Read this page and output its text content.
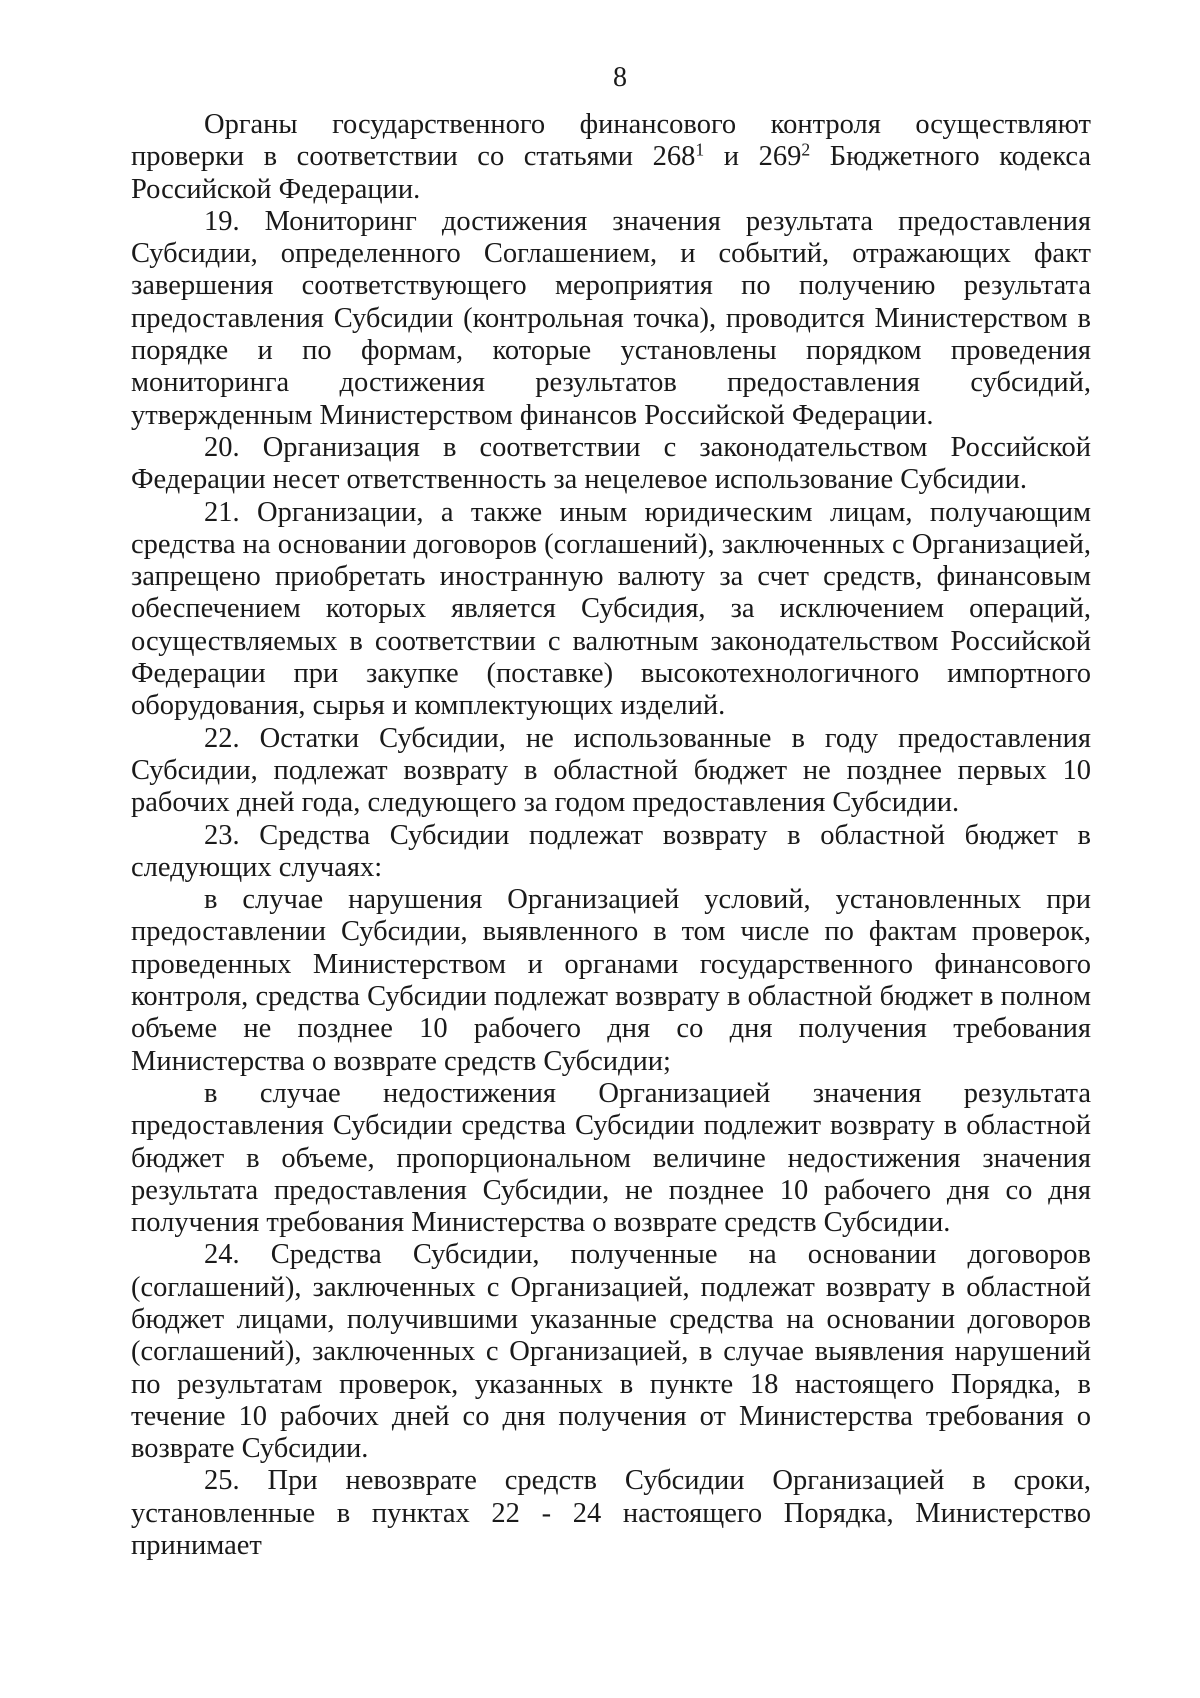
8

Органы государственного финансового контроля осуществляют проверки в соответствии со статьями $268^1$ и $269^2$ Бюджетного кодекса Российской Федерации.

19. Мониторинг достижения значения результата предоставления Субсидии, определенного Соглашением, и событий, отражающих факт завершения соответствующего мероприятия по получению результата предоставления Субсидии (контрольная точка), проводится Министерством в порядке и по формам, которые установлены порядком проведения мониторинга достижения результатов предоставления субсидий, утвержденным Министерством финансов Российской Федерации.

20. Организация в соответствии с законодательством Российской Федерации несет ответственность за нецелевое использование Субсидии.

21. Организации, а также иным юридическим лицам, получающим средства на основании договоров (соглашений), заключенных с Организацией, запрещено приобретать иностранную валюту за счет средств, финансовым обеспечением которых является Субсидия, за исключением операций, осуществляемых в соответствии с валютным законодательством Российской Федерации при закупке (поставке) высокотехнологичного импортного оборудования, сырья и комплектующих изделий.

22. Остатки Субсидии, не использованные в году предоставления Субсидии, подлежат возврату в областной бюджет не позднее первых 10 рабочих дней года, следующего за годом предоставления Субсидии.

23. Средства Субсидии подлежат возврату в областной бюджет в следующих случаях:

в случае нарушения Организацией условий, установленных при предоставлении Субсидии, выявленного в том числе по фактам проверок, проведенных Министерством и органами государственного финансового контроля, средства Субсидии подлежат возврату в областной бюджет в полном объеме не позднее 10 рабочего дня со дня получения требования Министерства о возврате средств Субсидии;

в случае недостижения Организацией значения результата предоставления Субсидии средства Субсидии подлежит возврату в областной бюджет в объеме, пропорциональном величине недостижения значения результата предоставления Субсидии, не позднее 10 рабочего дня со дня получения требования Министерства о возврате средств Субсидии.

24. Средства Субсидии, полученные на основании договоров (соглашений), заключенных с Организацией, подлежат возврату в областной бюджет лицами, получившими указанные средства на основании договоров (соглашений), заключенных с Организацией, в случае выявления нарушений по результатам проверок, указанных в пункте 18 настоящего Порядка, в течение 10 рабочих дней со дня получения от Министерства требования о возврате Субсидии.

25. При невозврате средств Субсидии Организацией в сроки, установленные в пунктах 22 - 24 настоящего Порядка, Министерство принимает
